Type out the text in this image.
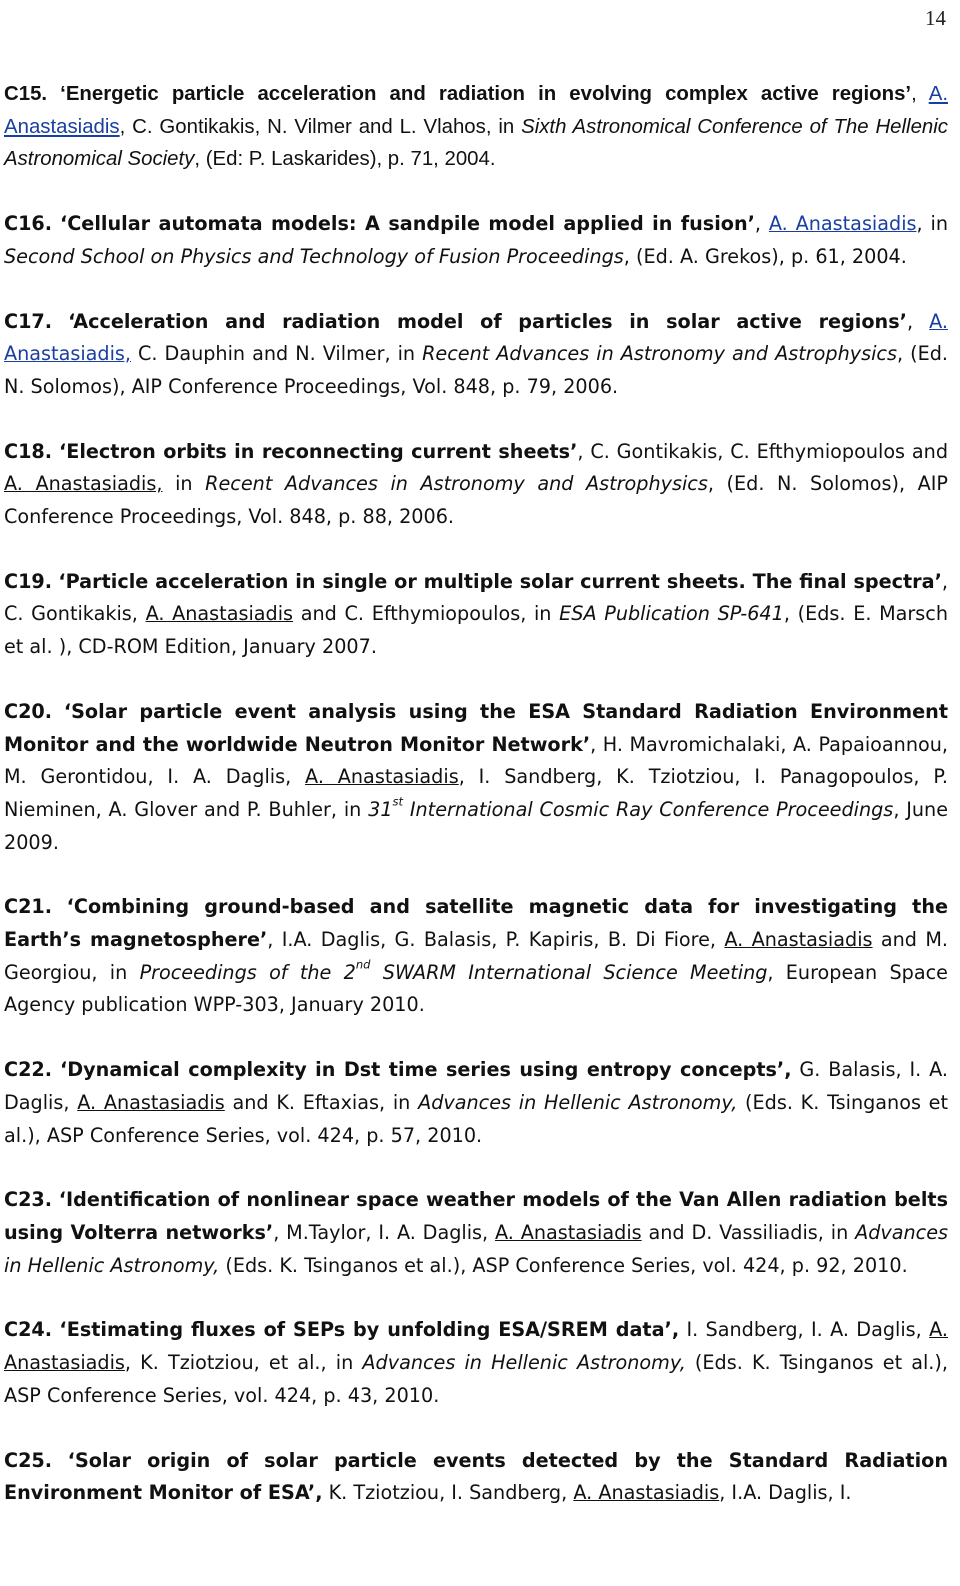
14

C15. ‘Energetic particle acceleration and radiation in evolving complex active regions’, A. Anastasiadis, C. Gontikakis, N. Vilmer and L. Vlahos, in Sixth Astronomical Conference of The Hellenic Astronomical Society, (Ed: P. Laskarides), p. 71, 2004.

C16. ‘Cellular automata models: A sandpile model applied in fusion’, A. Anastasiadis, in Second School on Physics and Technology of Fusion Proceedings, (Ed. A. Grekos), p. 61, 2004.

C17. ‘Acceleration and radiation model of particles in solar active regions’, A. Anastasiadis, C. Dauphin and N. Vilmer, in Recent Advances in Astronomy and Astrophysics, (Ed. N. Solomos), AIP Conference Proceedings, Vol. 848, p. 79, 2006.

C18. ‘Electron orbits in reconnecting current sheets’, C. Gontikakis, C. Efthymiopoulos and A. Anastasiadis, in Recent Advances in Astronomy and Astrophysics, (Ed. N. Solomos), AIP Conference Proceedings, Vol. 848, p. 88, 2006.

C19. ‘Particle acceleration in single or multiple solar current sheets. The final spectra’, C. Gontikakis, A. Anastasiadis and C. Efthymiopoulos, in ESA Publication SP-641, (Eds. E. Marsch et al. ), CD-ROM Edition, January 2007.

C20. ‘Solar particle event analysis using the ESA Standard Radiation Environment Monitor and the worldwide Neutron Monitor Network’, H. Mavromichalaki, A. Papaioannou, M. Gerontidou, I. A. Daglis, A. Anastasiadis, I. Sandberg, K. Tziotziou, I. Panagopoulos, P. Nieminen, A. Glover and P. Buhler, in 31st International Cosmic Ray Conference Proceedings, June 2009.

C21. ‘Combining ground-based and satellite magnetic data for investigating the Earth’s magnetosphere’, I.A. Daglis, G. Balasis, P. Kapiris, B. Di Fiore, A. Anastasiadis and M. Georgiou, in Proceedings of the 2nd SWARM International Science Meeting, European Space Agency publication WPP-303, January 2010.

C22. ‘Dynamical complexity in Dst time series using entropy concepts’, G. Balasis, I. A. Daglis, A. Anastasiadis and K. Eftaxias, in Advances in Hellenic Astronomy, (Eds. K. Tsinganos et al.), ASP Conference Series, vol. 424, p. 57, 2010.

C23. ‘Identification of nonlinear space weather models of the Van Allen radiation belts using Volterra networks’, M.Taylor, I. A. Daglis, A. Anastasiadis and D. Vassiliadis, in Advances in Hellenic Astronomy, (Eds. K. Tsinganos et al.), ASP Conference Series, vol. 424, p. 92, 2010.

C24. ‘Estimating fluxes of SEPs by unfolding ESA/SREM data’, I. Sandberg, I. A. Daglis, A. Anastasiadis, K. Tziotziou, et al., in Advances in Hellenic Astronomy, (Eds. K. Tsinganos et al.), ASP Conference Series, vol. 424, p. 43, 2010.

C25. ‘Solar origin of solar particle events detected by the Standard Radiation Environment Monitor of ESA’, K. Tziotziou, I. Sandberg, A. Anastasiadis, I.A. Daglis, I.
